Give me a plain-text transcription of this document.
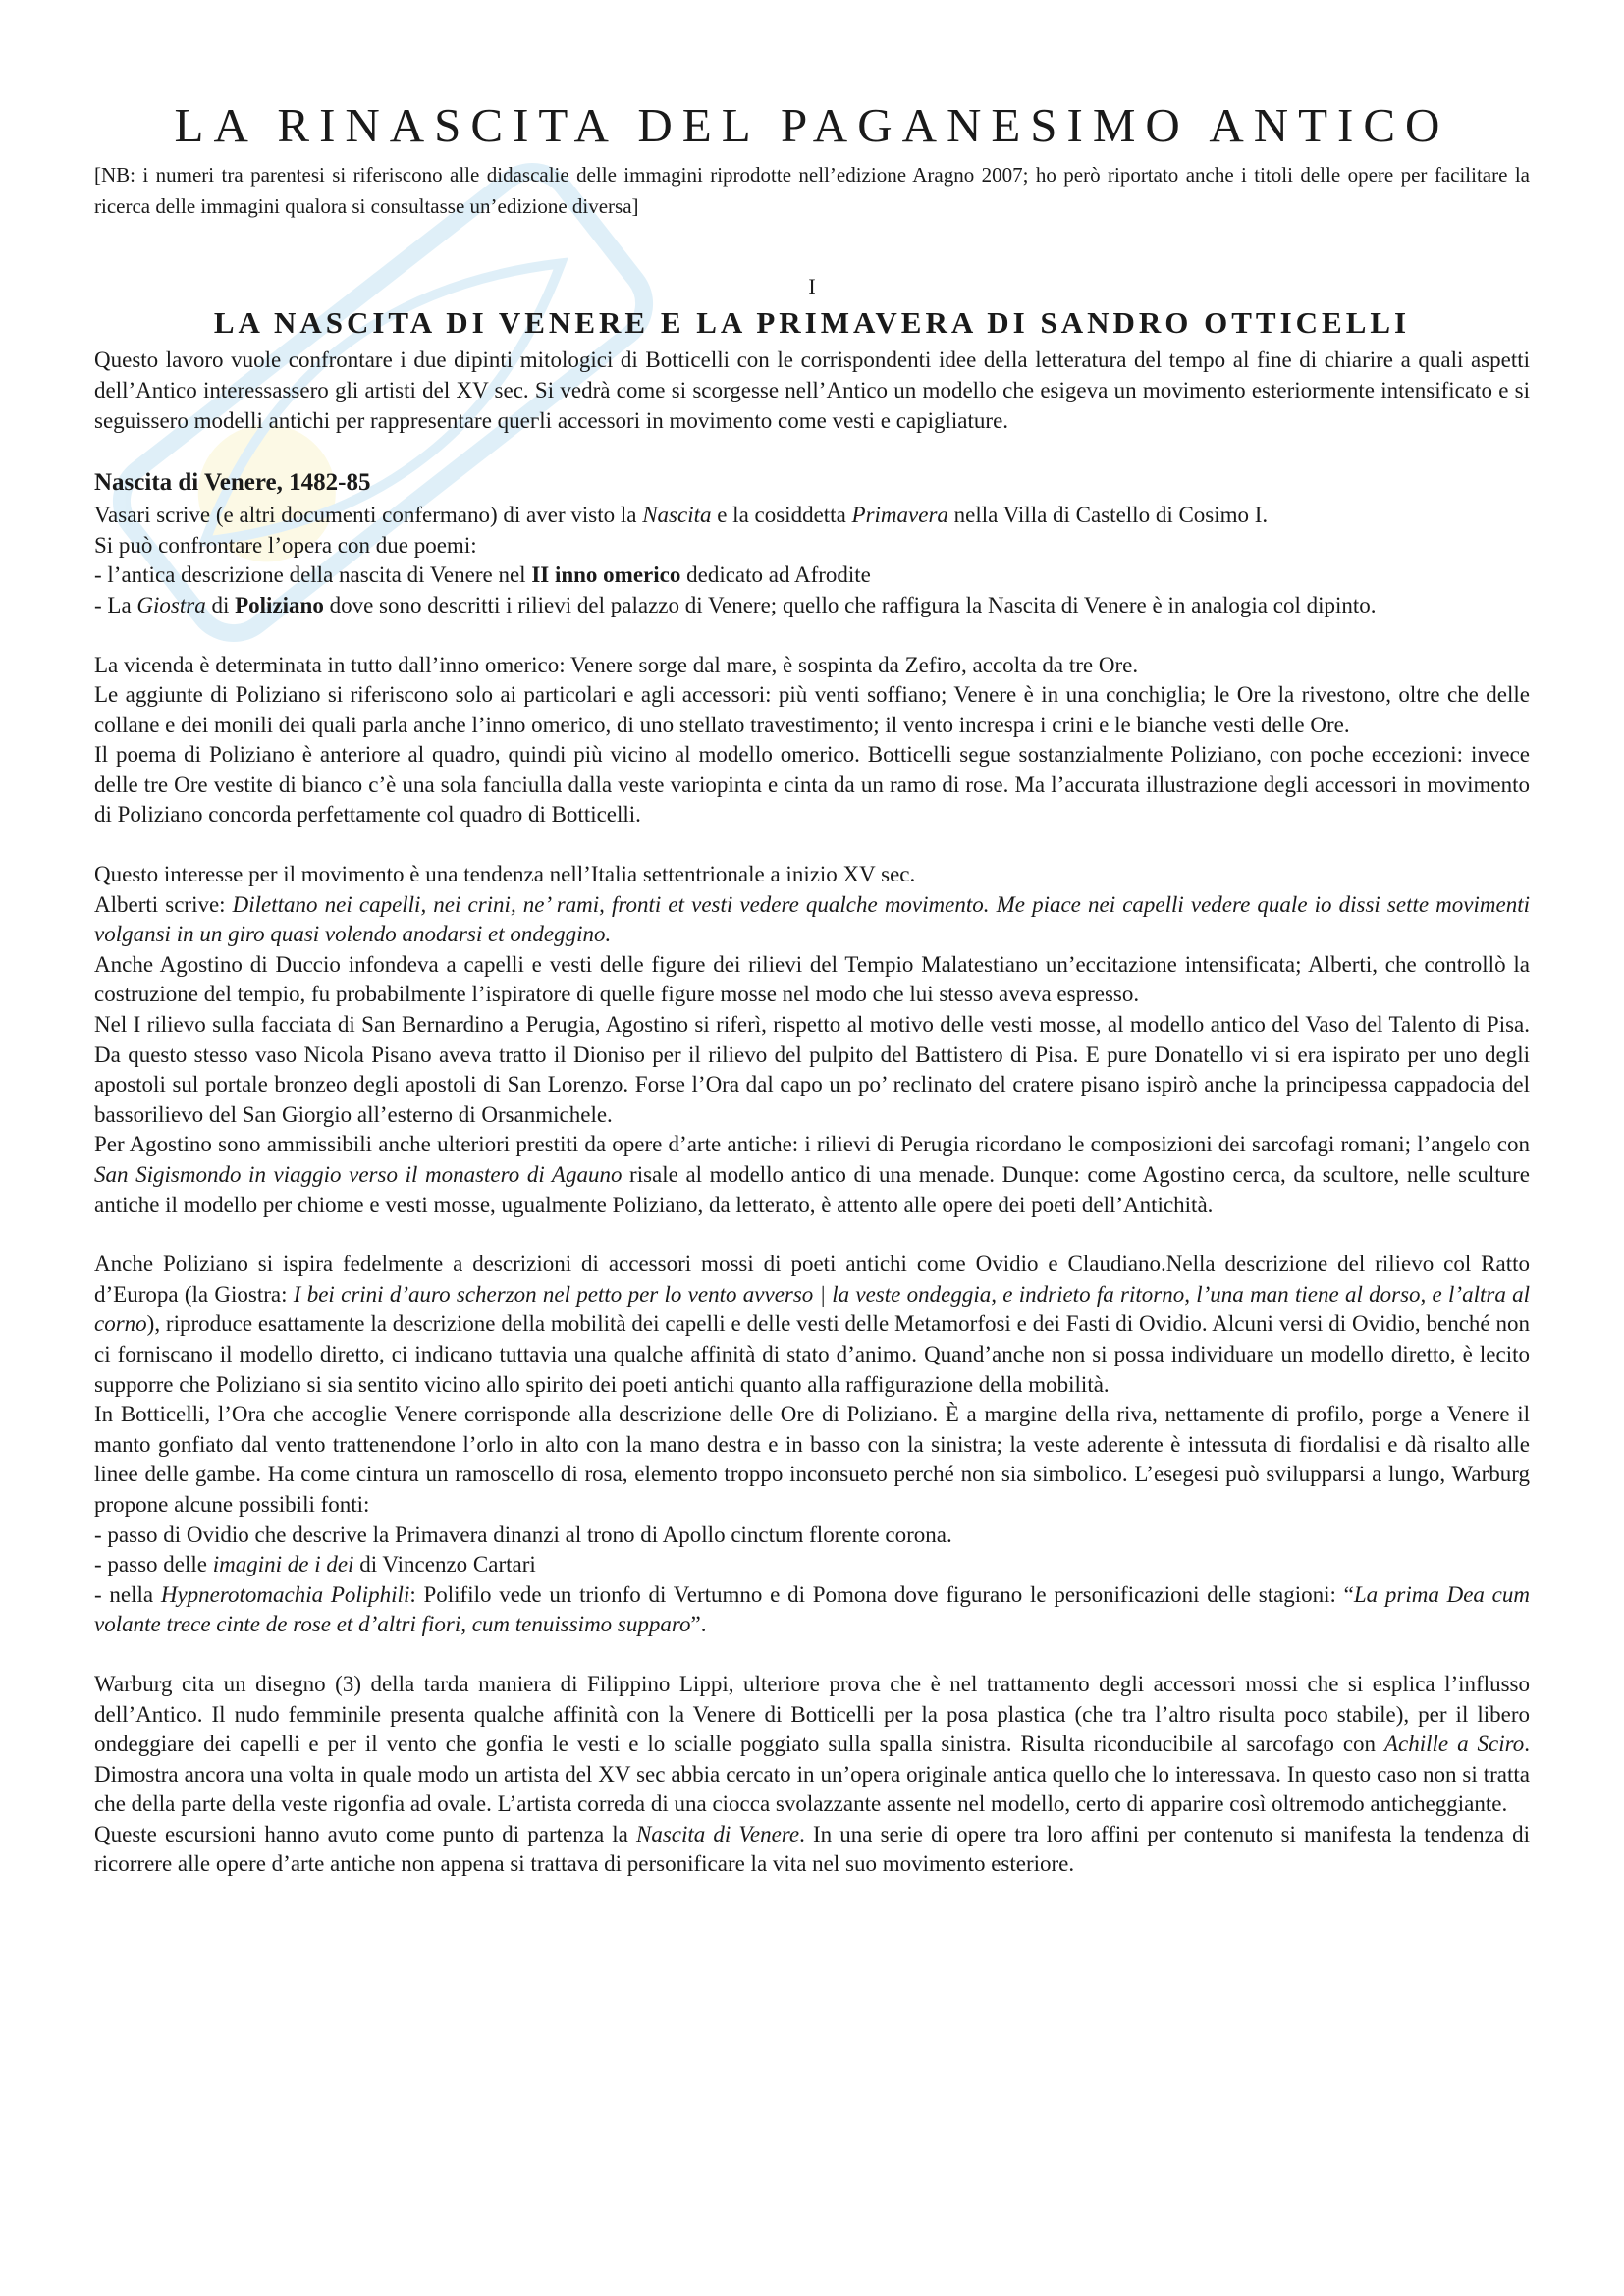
LA RINASCITA DEL PAGANESIMO ANTICO

[NB: i numeri tra parentesi si riferiscono alle didascalie delle immagini riprodotte nell’edizione Aragno 2007; ho però riportato anche i titoli delle opere per facilitare la ricerca delle immagini qualora si consultasse un’edizione diversa]

I
LA NASCITA DI VENERE E LA PRIMAVERA DI SANDRO OTTICELLI

Questo lavoro vuole confrontare i due dipinti mitologici di Botticelli con le corrispondenti idee della letteratura del tempo al fine di chiarire a quali aspetti dell’Antico interessassero gli artisti del XV sec. Si vedrà come si scorgesse nell’Antico un modello che esigeva un movimento esteriormente intensificato e si seguissero modelli antichi per rappresentare queгli accessori in movimento come vesti e capigliature.

Nascita di Venere, 1482-85

Vasari scrive (e altri documenti confermano) di aver visto la Nascita e la cosiddetta Primavera nella Villa di Castello di Cosimo I.

Si può confrontare l’opera con due poemi:

- l’antica descrizione della nascita di Venere nel II inno omerico dedicato ad Afrodite

- La Giostra di Poliziano dove sono descritti i rilievi del palazzo di Venere; quello che raffigura la Nascita di Venere è in analogia col dipinto.

La vicenda è determinata in tutto dall’inno omerico: Venere sorge dal mare, è sospinta da Zefiro, accolta da tre Ore.

Le aggiunte di Poliziano si riferiscono solo ai particolari e agli accessori: più venti soffiano; Venere è in una conchiglia; le Ore la rivestono, oltre che delle collane e dei monili dei quali parla anche l’inno omerico, di uno stellato travestimento; il vento increspa i crini e le bianche vesti delle Ore.

Il poema di Poliziano è anteriore al quadro, quindi più vicino al modello omerico. Botticelli segue sostanzialmente Poliziano, con poche eccezioni: invece delle tre Ore vestite di bianco c’è una sola fanciulla dalla veste variopinta e cinta da un ramo di rose. Ma l’accurata illustrazione degli accessori in movimento di Poliziano concorda perfettamente col quadro di Botticelli.

Questo interesse per il movimento è una tendenza nell’Italia settentrionale a inizio XV sec.

Alberti scrive: Dilettano nei capelli, nei crini, ne’ rami, fronti et vesti vedere qualche movimento. Me piace nei capelli vedere quale io dissi sette movimenti volgansi in un giro quasi volendo anodarsi et ondeggino.

Anche Agostino di Duccio infondeva a capelli e vesti delle figure dei rilievi del Tempio Malatestiano un’eccitazione intensificata; Alberti, che controllò la costruzione del tempio, fu probabilmente l’ispiratore di quelle figure mosse nel modo che lui stesso aveva espresso.

Nel I rilievo sulla facciata di San Bernardino a Perugia, Agostino si riferì, rispetto al motivo delle vesti mosse, al modello antico del Vaso del Talento di Pisa. Da questo stesso vaso Nicola Pisano aveva tratto il Dioniso per il rilievo del pulpito del Battistero di Pisa. E pure Donatello vi si era ispirato per uno degli apostoli sul portale bronzeo degli apostoli di San Lorenzo. Forse l’Ora dal capo un po’ reclinato del cratere pisano ispirò anche la principessa cappadocia del bassorilievo del San Giorgio all’esterno di Orsanmichele.

Per Agostino sono ammissibili anche ulteriori prestiti da opere d’arte antiche: i rilievi di Perugia ricordano le composizioni dei sarcofagi romani; l’angelo con San Sigismondo in viaggio verso il monastero di Agauno risale al modello antico di una menade. Dunque: come Agostino cerca, da scultore, nelle sculture antiche il modello per chiome e vesti mosse, ugualmente Poliziano, da letterato, è attento alle opere dei poeti dell’Antichità.

Anche Poliziano si ispira fedelmente a descrizioni di accessori mossi di poeti antichi come Ovidio e Claudiano.Nella descrizione del rilievo col Ratto d’Europa (la Giostra: I bei crini d’auro scherzon nel petto per lo vento avverso | la veste ondeggia, e indrieto fa ritorno, l’una man tiene al dorso, e l’altra al corno), riproduce esattamente la descrizione della mobilità dei capelli e delle vesti delle Metamorfosi e dei Fasti di Ovidio. Alcuni versi di Ovidio, benché non ci forniscano il modello diretto, ci indicano tuttavia una qualche affinità di stato d’animo. Quand’anche non si possa individuare un modello diretto, è lecito supporre che Poliziano si sia sentito vicino allo spirito dei poeti antichi quanto alla raffigurazione della mobilità.

In Botticelli, l’Ora che accoglie Venere corrisponde alla descrizione delle Ore di Poliziano. È a margine della riva, nettamente di profilo, porge a Venere il manto gonfiato dal vento trattenendone l’orlo in alto con la mano destra e in basso con la sinistra; la veste aderente è intessuta di fiordalisi e dà risalto alle linee delle gambe. Ha come cintura un ramoscello di rosa, elemento troppo inconsueto perché non sia simbolico. L’esegesi può svilupparsi a lungo, Warburg propone alcune possibili fonti:

- passo di Ovidio che descrive la Primavera dinanzi al trono di Apollo cinctum florente corona.

- passo delle imagini de i dei di Vincenzo Cartari

- nella Hypnerotomachia Poliphili: Polifilo vede un trionfo di Vertumno e di Pomona dove figurano le personificazioni delle stagioni: “La prima Dea cum volante trece cinte de rose et d’altri fiori, cum tenuissimo supparo”.

Warburg cita un disegno (3) della tarda maniera di Filippino Lippi, ulteriore prova che è nel trattamento degli accessori mossi che si esplica l’influsso dell’Antico. Il nudo femminile presenta qualche affinità con la Venere di Botticelli per la posa plastica (che tra l’altro risulta poco stabile), per il libero ondeggiare dei capelli e per il vento che gonfia le vesti e lo scialle poggiato sulla spalla sinistra. Risulta riconducibile al sarcofago con Achille a Sciro. Dimostra ancora una volta in quale modo un artista del XV sec abbia cercato in un’opera originale antica quello che lo interessava. In questo caso non si tratta che della parte della veste rigonfia ad ovale. L’artista correda di una ciocca svolazzante assente nel modello, certo di apparire così oltremodo anticheggiante.

Queste escursioni hanno avuto come punto di partenza la Nascita di Venere. In una serie di opere tra loro affini per contenuto si manifesta la tendenza di ricorrere alle opere d’arte antiche non appena si trattava di personificare la vita nel suo movimento esteriore.
